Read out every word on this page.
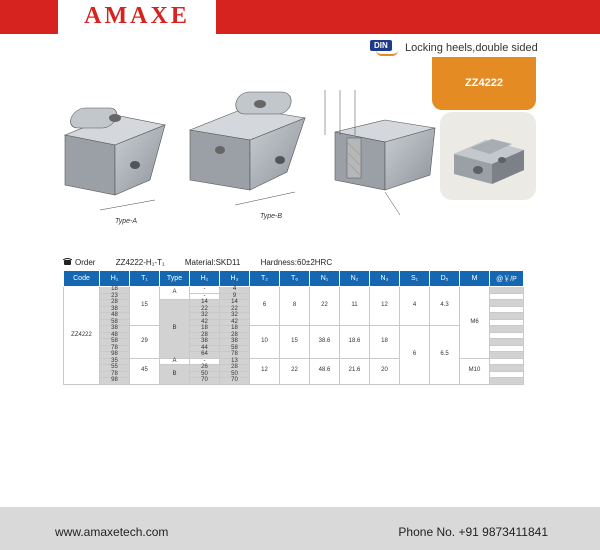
AMAXE
DIN	Locking heels,double sided
ZZ4222
Type-A
Type-B
Order	ZZ4222-H₁-T₁	Material:SKD11	Hardness:60±2HRC
Code	H₁	T₁	Type	H₂	H₃	T₂	T₆	N₁	N₂	N₃	S₁	D₅	M	@￥/P
ZZ4222	18	15	A	-	4	6	8	22	11	12	4	4.3	M6	
	23			-	9									
	28		B	14	14									
	38			22	22									
	48			32	32									
	58			42	42									
	38	29		18	18	10	15	38.6	18.6	18	6	6.5		
	48			28	28									
	58			38	38									
	78			44	58									
	98			64	78									
	35	45	A	-	13	12	22	48.6	21.6	20			M10	
	55		B	26	28									
	78			50	50									
	98			70	70									
www.amaxetech.com	Phone No. +91 9873411841
